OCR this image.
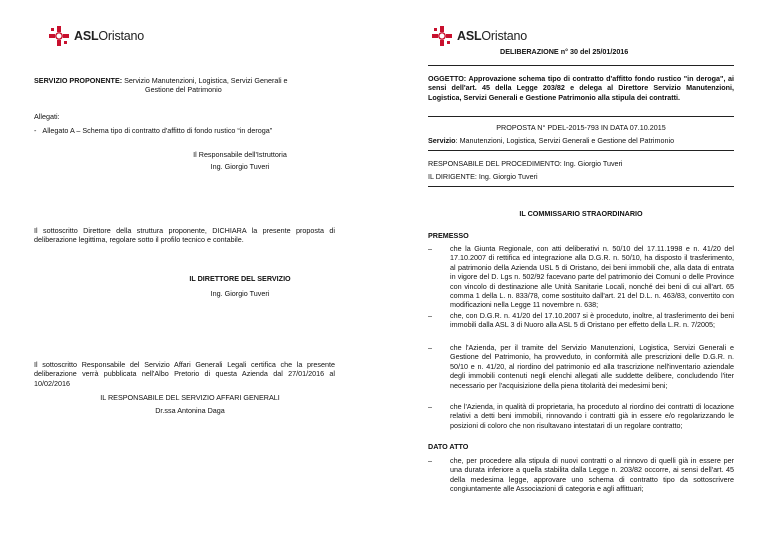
ASLOristano	ASLOristano
SERVIZIO PROPONENTE: Servizio Manutenzioni, Logistica, Servizi Generali e
Gestione del Patrimonio
Allegati:
- Allegato A – Schema tipo di contratto d'affitto di fondo rustico “in deroga”
Il Responsabile dell'Istruttoria
Ing. Giorgio Tuveri
Il sottoscritto Direttore della struttura proponente, DICHIARA la presente proposta di deliberazione legittima, regolare sotto il profilo tecnico e contabile.
IL DIRETTORE DEL SERVIZIO
Ing. Giorgio Tuveri
Il sottoscritto Responsabile del Servizio Affari Generali Legali certifica che la presente deliberazione verrà pubblicata nell'Albo Pretorio di questa Azienda dal 27/01/2016 al 10/02/2016
IL RESPONSABILE DEL SERVIZIO AFFARI GENERALI
Dr.ssa Antonina Daga
DELIBERAZIONE n° 30 del 25/01/2016
OGGETTO: Approvazione schema tipo di contratto d'affitto fondo rustico "in deroga", ai sensi dell'art. 45 della Legge 203/82 e delega al Direttore Servizio Manutenzioni, Logistica, Servizi Generali e Gestione Patrimonio alla stipula dei contratti.
PROPOSTA N° PDEL-2015-793 IN DATA 07.10.2015
Servizio: Manutenzioni, Logistica, Servizi Generali e Gestione del Patrimonio
RESPONSABILE DEL PROCEDIMENTO: Ing. Giorgio Tuveri
IL DIRIGENTE: Ing. Giorgio Tuveri
IL COMMISSARIO STRAORDINARIO
PREMESSO
–	che la Giunta Regionale, con atti deliberativi n. 50/10 del 17.11.1998 e n. 41/20 del 17.10.2007 di rettifica ed integrazione alla D.G.R. n. 50/10, ha disposto il trasferimento, al patrimonio della Azienda USL 5 di Oristano, dei beni immobili che, alla data di entrata in vigore del D. Lgs n. 502/92 facevano parte del patrimonio dei Comuni o delle Province con vincolo di destinazione alle Unità Sanitarie Locali, nonché dei beni di cui all'art. 65 comma 1 della L. n. 833/78, come sostituito dall'art. 21 del D.L. n. 463/83, convertito con modificazioni nella Legge 11 novembre n. 638;
–	che, con D.G.R. n. 41/20 del 17.10.2007 si è proceduto, inoltre, al trasferimento dei beni immobili dalla ASL 3 di Nuoro alla ASL 5 di Oristano per effetto della L.R. n. 7/2005;
–	che l'Azienda, per il tramite del Servizio Manutenzioni, Logistica, Servizi Generali e Gestione del Patrimonio, ha provveduto, in conformità alle prescrizioni delle D.G.R. n. 50/10 e n. 41/20, al riordino del patrimonio ed alla trascrizione nell'inventario aziendale degli immobili contenuti negli elenchi allegati alle suddette delibere, concludendo l'iter necessario per l'acquisizione della piena titolarità dei medesimi beni;
–	che l'Azienda, in qualità di proprietaria, ha proceduto al riordino dei contratti di locazione relativi a detti beni immobili, rinnovando i contratti già in essere e/o regolarizzando le posizioni di coloro che non risultavano intestatari di un regolare contratto;
DATO ATTO
–	che, per procedere alla stipula di nuovi contratti o al rinnovo di quelli già in essere per una durata inferiore a quella stabilita dalla Legge n. 203/82 occorre, ai sensi dell'art. 45 della medesima legge, approvare uno schema di contratto tipo da sottoscrivere congiuntamente alle Associazioni di categoria e agli affittuari;
